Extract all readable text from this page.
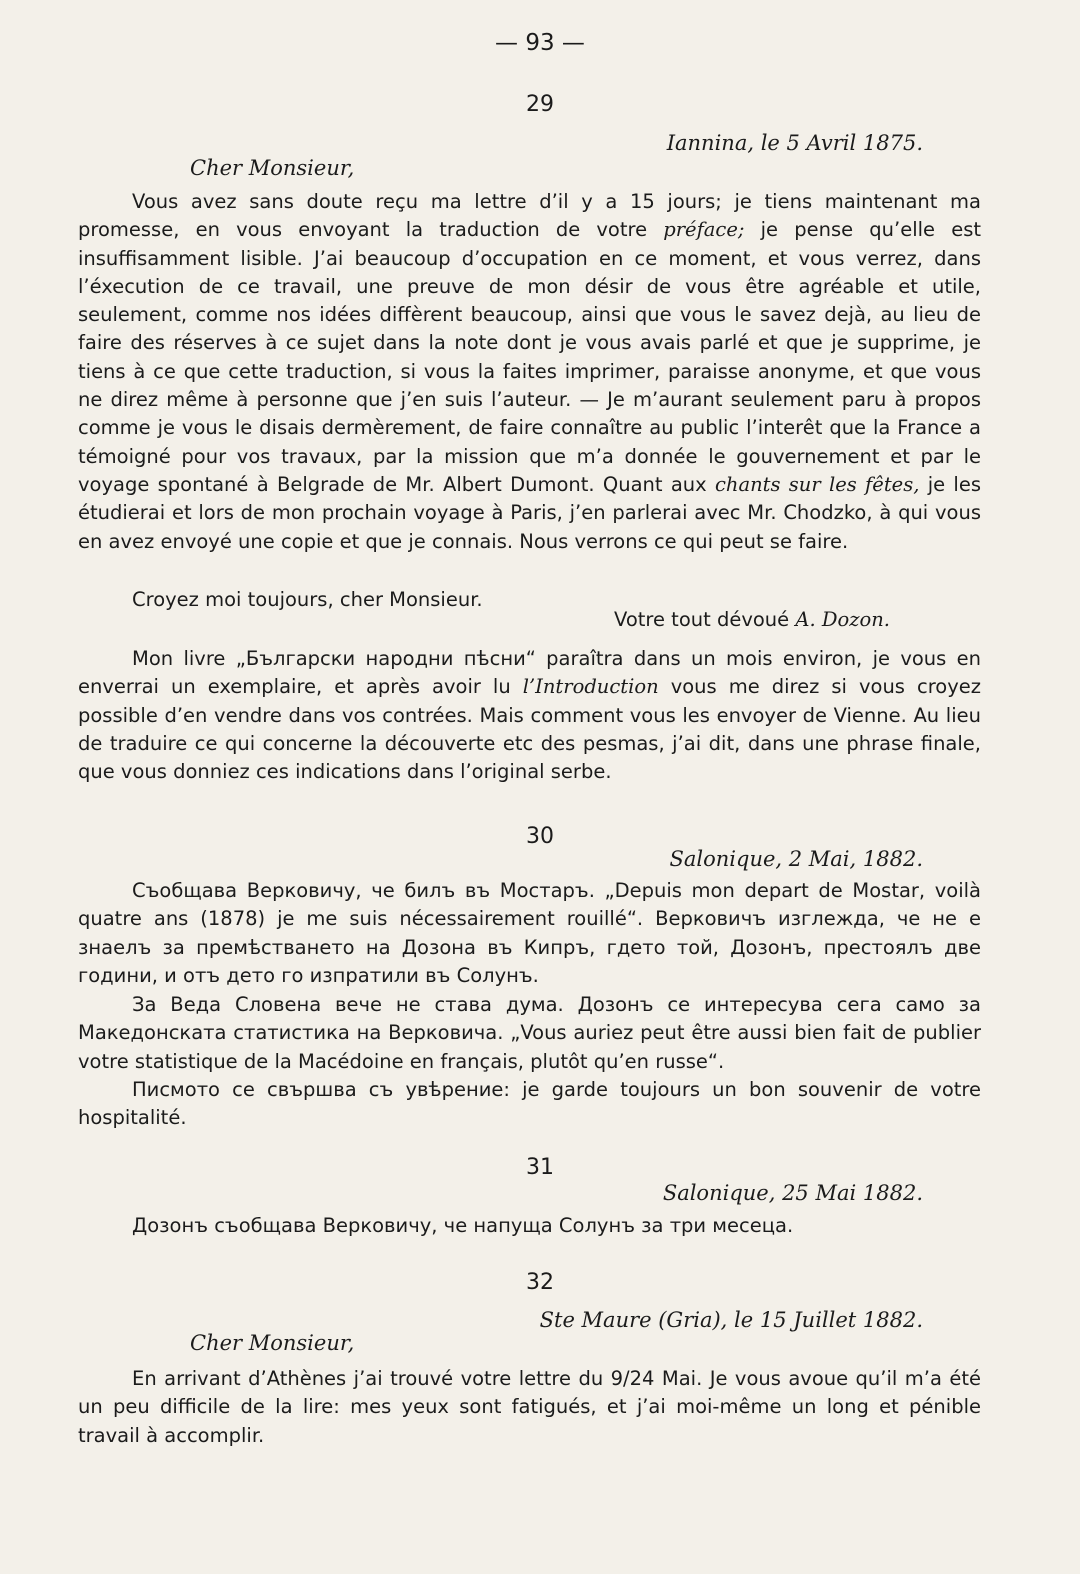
— 93 —
29
Iannina, le 5 Avril 1875.
Cher Monsieur,
Vous avez sans doute reçu ma lettre d’il y a 15 jours; je tiens maintenant ma promesse, en vous envoyant la traduction de votre préface; je pense qu’elle est insuffisamment lisible. J’ai beaucoup d’occupation en ce moment, et vous verrez, dans l’éxecution de ce travail, une preuve de mon désir de vous être agréable et utile, seulement, comme nos idées diffèrent beaucoup, ainsi que vous le savez dejà, au lieu de faire des réserves à ce sujet dans la note dont je vous avais parlé et que je supprime, je tiens à ce que cette traduction, si vous la faites imprimer, paraisse anonyme, et que vous ne direz même à personne que j’en suis l’auteur. — Je m’aurant seulement paru à propos comme je vous le disais dermèrement, de faire connaître au public l’interêt que la France a témoigné pour vos travaux, par la mission que m’a donnée le gouvernement et par le voyage spontané à Belgrade de Mr. Albert Dumont. Quant aux chants sur les fêtes, je les étudierai et lors de mon prochain voyage à Paris, j’en parlerai avec Mr. Chodzko, à qui vous en avez envoyé une copie et que je connais. Nous verrons ce qui peut se faire.
Croyez moi toujours, cher Monsieur.
Votre tout dévoué A. Dozon.
Mon livre „Български народни пѣсни“ paraîtra dans un mois environ, je vous en enverrai un exemplaire, et après avoir lu l’Introduction vous me direz si vous croyez possible d’en vendre dans vos contrées. Mais comment vous les envoyer de Vienne. Au lieu de traduire ce qui concerne la découverte etc des pesmas, j’ai dit, dans une phrase finale, que vous donniez ces indications dans l’original serbe.
30
Salonique, 2 Mai, 1882.
Съобщава Верковичу, че билъ въ Мостаръ. „Depuis mon depart de Mostar, voilà quatre ans (1878) je me suis nécessairement rouillé“. Верковичъ изглежда, че не е знаелъ за премѣстването на Дозона въ Кипръ, гдето той, Дозонъ, престоялъ две години, и отъ дето го изпратили въ Солунъ.
За Веда Словена вече не става дума. Дозонъ се интересува сега само за Македонската статистика на Верковича. „Vous auriez peut être aussi bien fait de publier votre statistique de la Macédoine en français, plutôt qu’en russe“.
Писмото се свършва съ увѣрение: je garde toujours un bon souvenir de votre hospitalité.
31
Salonique, 25 Mai 1882.
Дозонъ съобщава Верковичу, че напуща Солунъ за три месеца.
32
Ste Maure (Gria), le 15 Juillet 1882.
Cher Monsieur,
En arrivant d’Athènes j’ai trouvé votre lettre du 9/24 Mai. Je vous avoue qu’il m’a été un peu difficile de la lire: mes yeux sont fatigués, et j’ai moi-même un long et pénible travail à accomplir.
